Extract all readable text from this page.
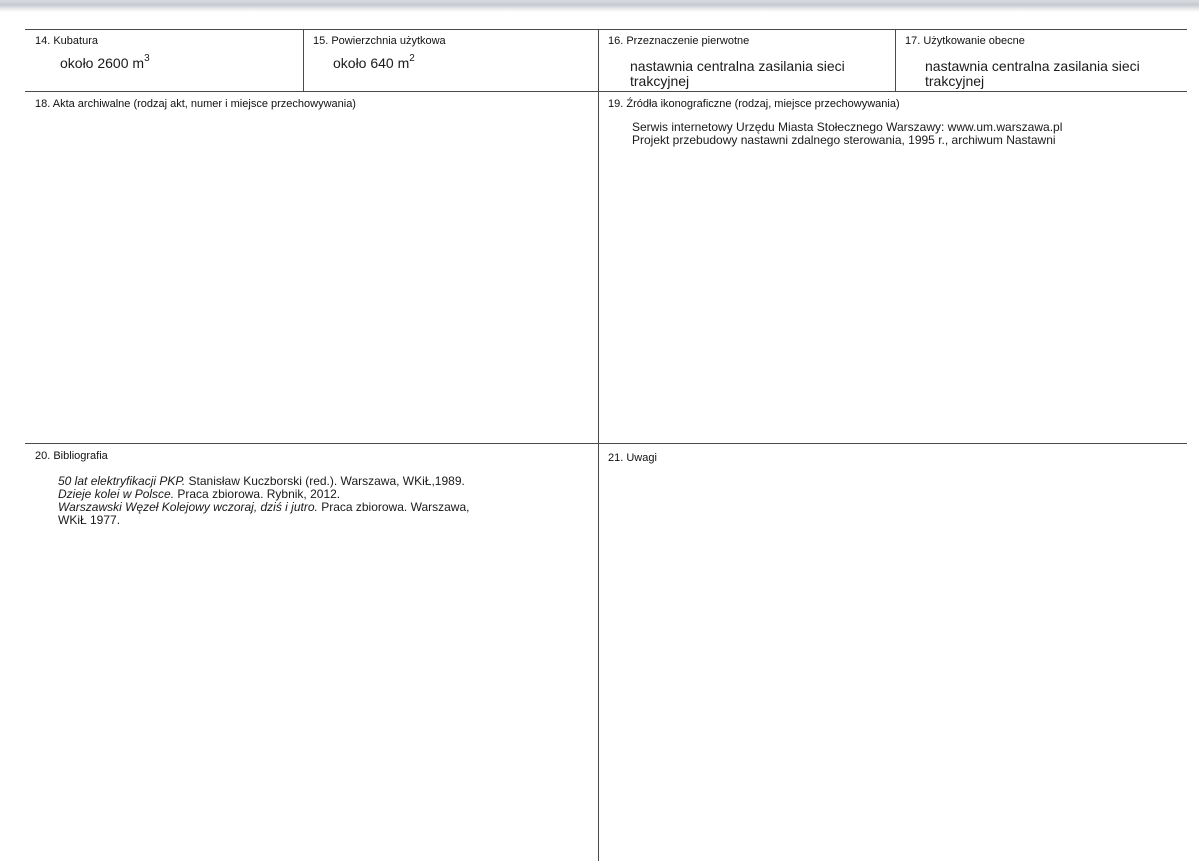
14. Kubatura
około 2600 $m^3$
15. Powierzchnia użytkowa
około 640 $m^2$
16. Przeznaczenie pierwotne
nastawnia centralna zasilania sieci trakcyjnej
17. Użytkowanie obecne
nastawnia centralna zasilania sieci trakcyjnej
18. Akta archiwalne (rodzaj akt, numer i miejsce przechowywania)	19. Źródła ikonograficzne (rodzaj, miejsce przechowywania)
Serwis internetowy Urzędu Miasta Stołecznego Warszawy: www.um.warszawa.pl
Projekt przebudowy nastawni zdalnego sterowania, 1995 r., archiwum Nastawni
20. Bibliografia
50 lat elektryfikacji PKP. Stanisław Kuczborski (red.). Warszawa, WKiŁ,1989.
Dzieje kolei w Polsce. Praca zbiorowa. Rybnik, 2012.
Warszawski Węzeł Kolejowy wczoraj, dziś i jutro. Praca zbiorowa. Warszawa,
WKiŁ 1977.
21. Uwagi
